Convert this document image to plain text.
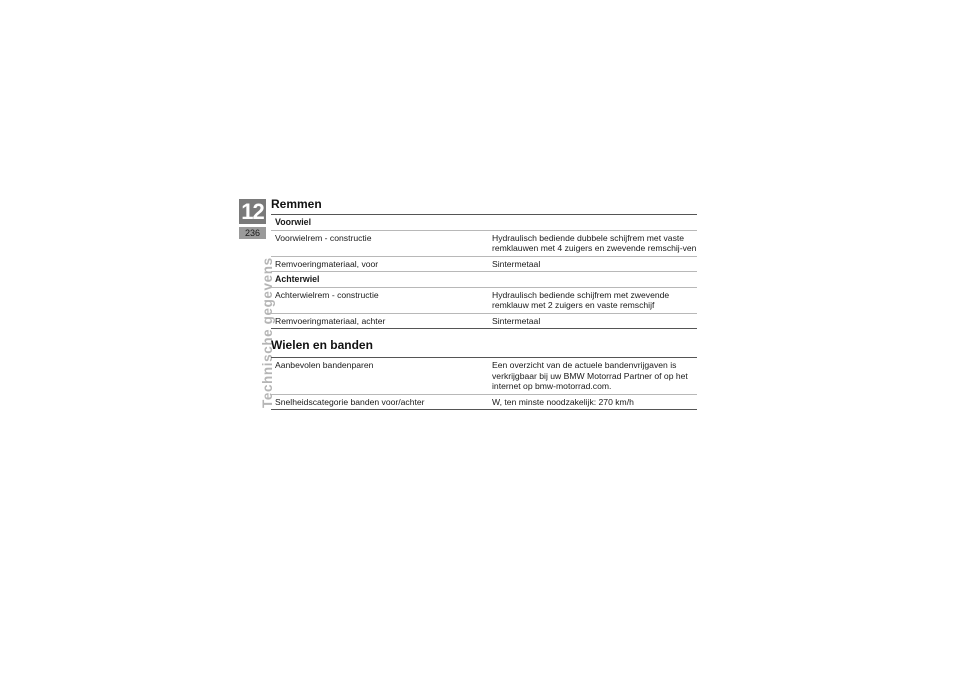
12
236
Technische gegevens
Remmen
Voorwiel	
Voorwielrem - constructie	Hydraulisch bediende dubbele schijfrem met vaste remklauwen met 4 zuigers en zwevende remschij-ven
Remvoeringmateriaal, voor	Sintermetaal
Achterwiel	
Achterwielrem - constructie	Hydraulisch bediende schijfrem met zwevende remklauw met 2 zuigers en vaste remschijf
Remvoeringmateriaal, achter	Sintermetaal
Wielen en banden
Aanbevolen bandenparen	Een overzicht van de actuele bandenvrijgaven is verkrijgbaar bij uw BMW Motorrad Partner of op het internet op bmw-motorrad.com.
Snelheidscategorie banden voor/achter	W, ten minste noodzakelijk: 270 km/h
